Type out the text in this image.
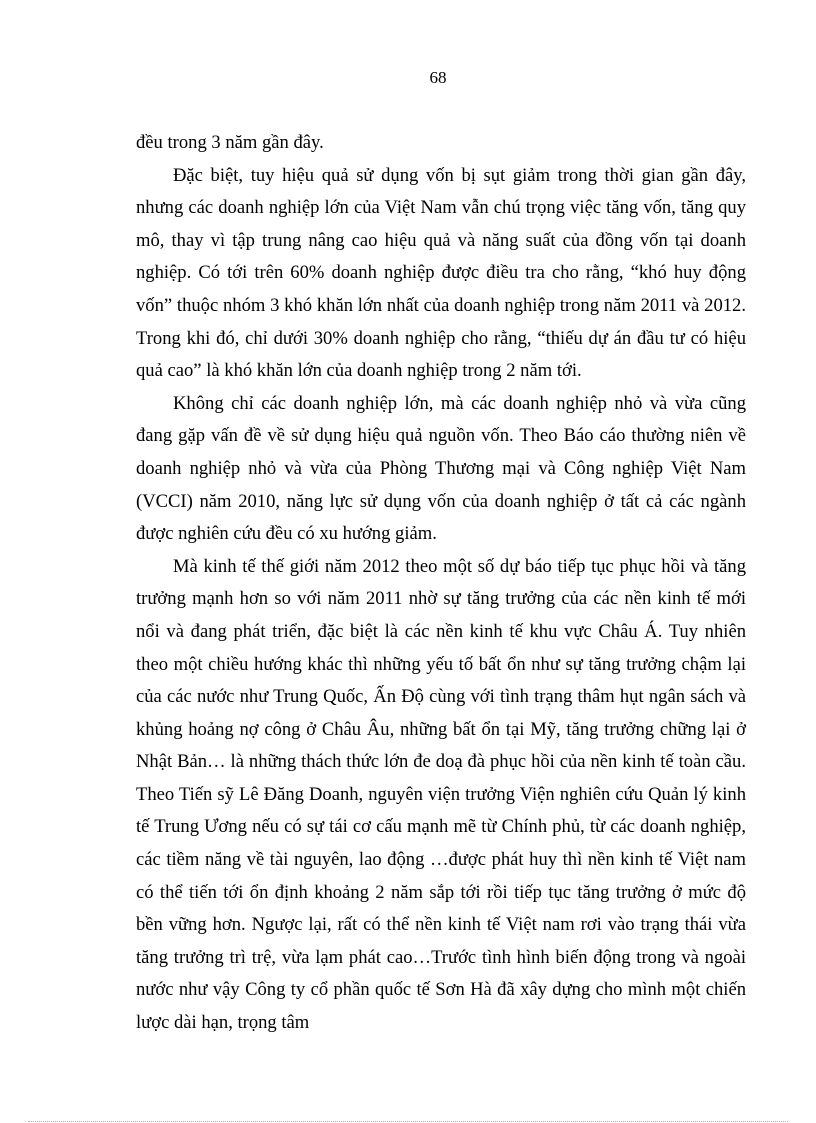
68

đều trong 3 năm gần đây.

Đặc biệt, tuy hiệu quả sử dụng vốn bị sụt giảm trong thời gian gần đây, nhưng các doanh nghiệp lớn của Việt Nam vẫn chú trọng việc tăng vốn, tăng quy mô, thay vì tập trung nâng cao hiệu quả và năng suất của đồng vốn tại doanh nghiệp. Có tới trên 60% doanh nghiệp được điều tra cho rằng, “khó huy động vốn” thuộc nhóm 3 khó khăn lớn nhất của doanh nghiệp trong năm 2011 và 2012. Trong khi đó, chỉ dưới 30% doanh nghiệp cho rằng, “thiếu dự án đầu tư có hiệu quả cao” là khó khăn lớn của doanh nghiệp trong 2 năm tới.

Không chỉ các doanh nghiệp lớn, mà các doanh nghiệp nhỏ và vừa cũng đang gặp vấn đề về sử dụng hiệu quả nguồn vốn. Theo Báo cáo thường niên về doanh nghiệp nhỏ và vừa của Phòng Thương mại và Công nghiệp Việt Nam (VCCI) năm 2010, năng lực sử dụng vốn của doanh nghiệp ở tất cả các ngành được nghiên cứu đều có xu hướng giảm.

Mà kinh tế thế giới năm 2012 theo một số dự báo tiếp tục phục hồi và tăng trưởng mạnh hơn so với năm 2011 nhờ sự tăng trưởng của các nền kinh tế mới nổi và đang phát triển, đặc biệt là các nền kinh tế khu vực Châu Á. Tuy nhiên theo một chiều hướng khác thì những yếu tố bất ổn như sự tăng trưởng chậm lại của các nước như Trung Quốc, Ấn Độ cùng với tình trạng thâm hụt ngân sách và khủng hoảng nợ công ở Châu Âu, những bất ổn tại Mỹ, tăng trưởng chững lại ở Nhật Bản… là những thách thức lớn đe doạ đà phục hồi của nền kinh tế toàn cầu. Theo Tiến sỹ Lê Đăng Doanh, nguyên viện trưởng Viện nghiên cứu Quản lý kinh tế Trung Ương nếu có sự tái cơ cấu mạnh mẽ từ Chính phủ, từ các doanh nghiệp, các tiềm năng về tài nguyên, lao động …được phát huy thì nền kinh tế Việt nam có thể tiến tới ổn định khoảng 2 năm sắp tới rồi tiếp tục tăng trưởng ở mức độ bền vững hơn. Ngược lại, rất có thể nền kinh tế Việt nam rơi vào trạng thái vừa tăng trưởng trì trệ, vừa lạm phát cao…Trước tình hình biến động trong và ngoài nước như vậy Công ty cổ phần quốc tế Sơn Hà đã xây dựng cho mình một chiến lược dài hạn, trọng tâm
